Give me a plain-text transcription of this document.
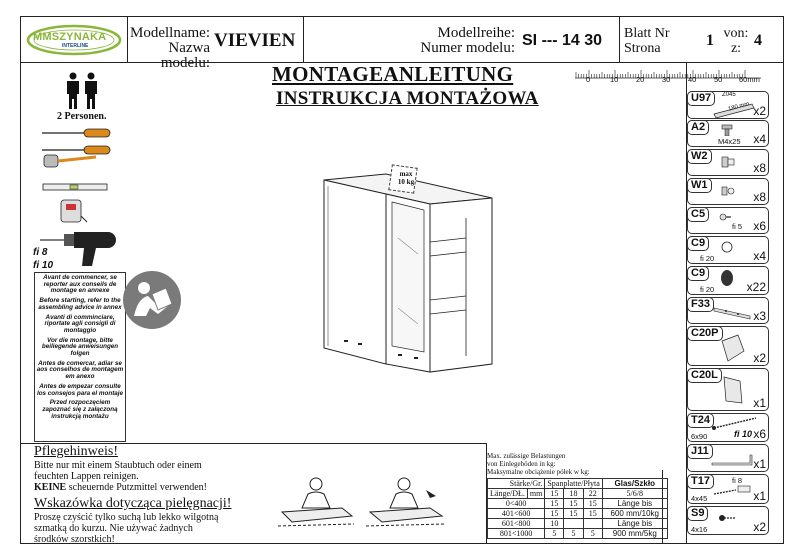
MMSZYNAKA
INTERLINE
Modellname:
Nazwa modelu:
VIEVIEN	Modellreihe:
Numer modelu: SI --- 14 30 Blatt Nr
Strona	1 von:
z: 4
MONTAGEANLEITUNG
INSTRUKCJA MONTAŻOWA
0	10 20 30 40 50 60mm
2 Personen.
fi 8
fi 10
Avant de commencer, se reporter aux conseils de montage en annexe
Before starting, refer to the assembling advice in annex
Avanti di comminciare, riportate agli consigli di montaggio
Vor die montage, bitte beiliegende anweisungen folgen
Antes de comercar, adiar se aos conselhos de montagem em anexo
Antes de empezar consulte los consejos para el montaje
Przed rozpoczęciem zapoznać się z załączoną instrukcją montażu
max
10 kg
Pflegehinweis!
Bitte nur mit einem Staubtuch oder einem
feuchten Lappen reinigen.
KEINE scheuernde Putzmittel verwenden!
Wskazówka dotycząca pielęgnacji!
Proszę czyścić tylko suchą lub lekko wilgotną
szmatką do kurzu. Nie używać żadnych
środków szorstkich!
Max. zulässige Belastungen
von Einlegeböden in kg:
Maksymalne obciążenie półek w kg:
Stärke/Gr.		Spanplatte/Płyta			Glas/Szkło
Länge/DŁ.	mm	15	18	22	5/6/8
0<400		15	15	15	Länge bis
401<600		15	15	15	600 mm/10kg
601<800		10			Länge bis
801<1000		5	5	5	900 mm/5kg
U97	Z045
180 mm x2
A2
M4x25 x4
W2
x8
W1
x8
C5
fi 5 x6
C9
fi 20	x4
C9
fi 20	x22
F33
x3
C20P
x2
C20L
x1
T24
6x90	fi 10 x6
J11
x1
T17	fi 8
4x45	x1
S9
4x16	x2
